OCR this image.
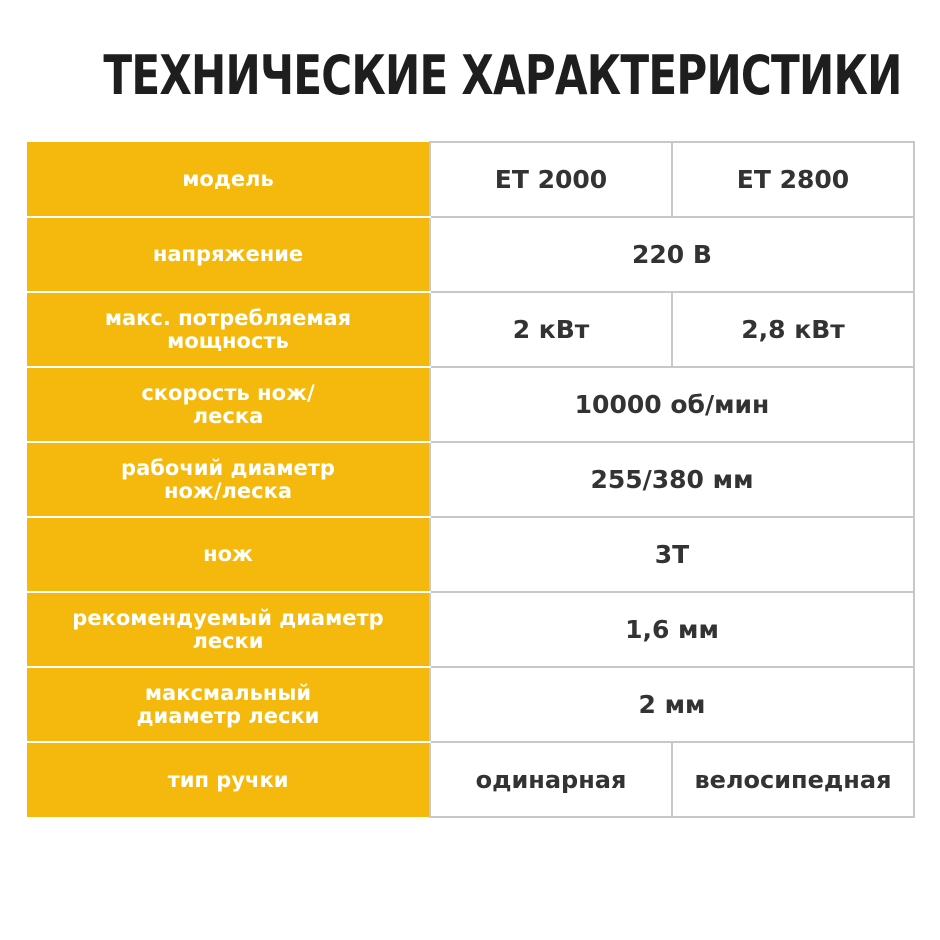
ТЕХНИЧЕСКИЕ ХАРАКТЕРИСТИКИ
модель	ET 2000	ET 2800
напряжение	220 В	
макс. потребляемая
мощность	2 кВт	2,8 кВт
скорость нож/
леска	10000 об/мин	
рабочий диаметр
нож/леска	255/380 мм	
нож	3Т	
рекомендуемый диаметр
лески	1,6 мм	
максмальный
диаметр лески	2 мм	
тип ручки	одинарная	велосипедная
